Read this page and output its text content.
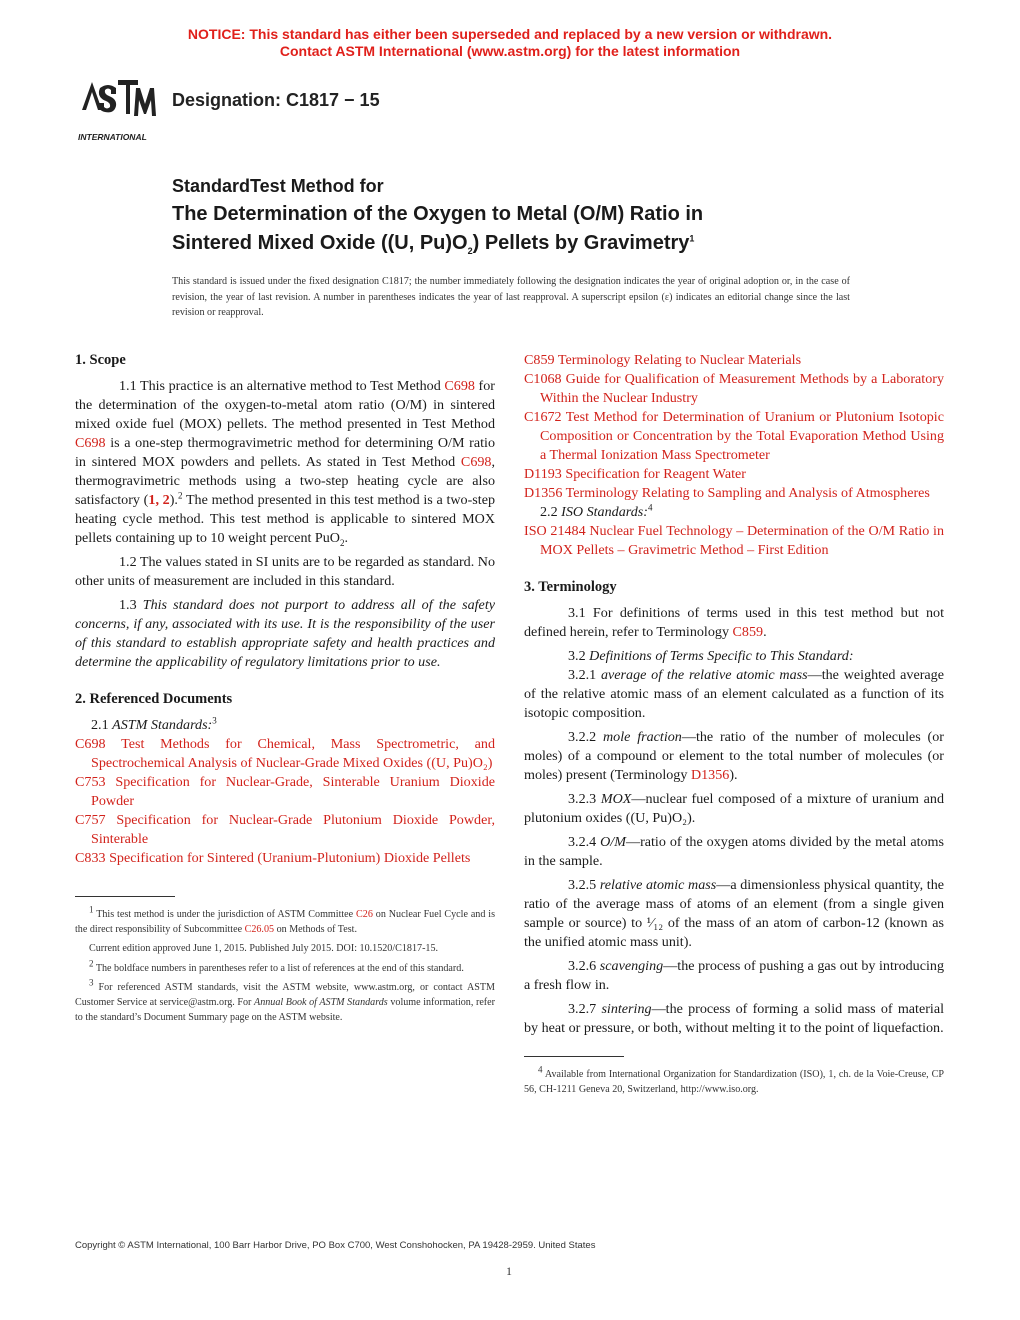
NOTICE: This standard has either been superseded and replaced by a new version or withdrawn.
Contact ASTM International (www.astm.org) for the latest information
INTERNATIONAL
Designation: C1817 − 15
StandardTest Method for
The Determination of the Oxygen to Metal (O/M) Ratio in
Sintered Mixed Oxide ((U, $Pu)O_2$) Pellets by Gravimetry$^1$
This standard is issued under the fixed designation C1817; the number immediately following the designation indicates the year of original adoption or, in the case of revision, the year of last revision. A number in parentheses indicates the year of last reapproval. A superscript epsilon (ε) indicates an editorial change since the last revision or reapproval.
1. Scope

1.1 This practice is an alternative method to Test Method C698 for the determination of the oxygen-to-metal atom ratio (O/M) in sintered mixed oxide fuel (MOX) pellets. The method presented in Test Method C698 is a one-step thermogravimetric method for determining O/M ratio in sintered MOX powders and pellets. As stated in Test Method C698, thermogravimetric methods using a two-step heating cycle are also satisfactory (1, 2).$^2$ The method presented in this test method is a two-step heating cycle method. This test method is applicable to sintered MOX pellets containing up to 10 weight percent PuO$_2$.

1.2 The values stated in SI units are to be regarded as standard. No other units of measurement are included in this standard.

1.3 This standard does not purport to address all of the safety concerns, if any, associated with its use. It is the responsibility of the user of this standard to establish appropriate safety and health practices and determine the applicability of regulatory limitations prior to use.

2. Referenced Documents

2.1 ASTM Standards:$^3$

C698 Test Methods for Chemical, Mass Spectrometric, and Spectrochemical Analysis of Nuclear-Grade Mixed Oxides ((U, Pu)O₂)

C753 Specification for Nuclear-Grade, Sinterable Uranium Dioxide Powder

C757 Specification for Nuclear-Grade Plutonium Dioxide Powder, Sinterable

C833 Specification for Sintered (Uranium-Plutonium) Dioxide Pellets

$^1$ This test method is under the jurisdiction of ASTM Committee C26 on Nuclear Fuel Cycle and is the direct responsibility of Subcommittee C26.05 on Methods of Test.

Current edition approved June 1, 2015. Published July 2015. DOI: 10.1520/C1817-15.

$^2$ The boldface numbers in parentheses refer to a list of references at the end of this standard.

$^3$ For referenced ASTM standards, visit the ASTM website, www.astm.org, or contact ASTM Customer Service at service@astm.org. For Annual Book of ASTM Standards volume information, refer to the standard’s Document Summary page on the ASTM website.

C859 Terminology Relating to Nuclear Materials

C1068 Guide for Qualification of Measurement Methods by a Laboratory Within the Nuclear Industry

C1672 Test Method for Determination of Uranium or Plutonium Isotopic Composition or Concentration by the Total Evaporation Method Using a Thermal Ionization Mass Spectrometer

D1193 Specification for Reagent Water

D1356 Terminology Relating to Sampling and Analysis of Atmospheres

2.2 ISO Standards:$^4$

ISO 21484 Nuclear Fuel Technology – Determination of the O/M Ratio in MOX Pellets – Gravimetric Method – First Edition

3. Terminology

3.1 For definitions of terms used in this test method but not defined herein, refer to Terminology C859.

3.2 Definitions of Terms Specific to This Standard:

3.2.1 average of the relative atomic mass—the weighted average of the relative atomic mass of an element calculated as a function of its isotopic composition.

3.2.2 mole fraction—the ratio of the number of molecules (or moles) of a compound or element to the total number of molecules (or moles) present (Terminology D1356).

3.2.3 MOX—nuclear fuel composed of a mixture of uranium and plutonium oxides ((U, Pu)O₂).

3.2.4 O/M—ratio of the oxygen atoms divided by the metal atoms in the sample.

3.2.5 relative atomic mass—a dimensionless physical quantity, the ratio of the average mass of atoms of an element (from a single given sample or source) to ¹⁄₁₂ of the mass of an atom of carbon-12 (known as the unified atomic mass unit).

3.2.6 scavenging—the process of pushing a gas out by introducing a fresh flow in.

3.2.7 sintering—the process of forming a solid mass of material by heat or pressure, or both, without melting it to the point of liquefaction.

$^4$ Available from International Organization for Standardization (ISO), 1, ch. de la Voie-Creuse, CP 56, CH-1211 Geneva 20, Switzerland, http://www.iso.org.

Copyright © ASTM International, 100 Barr Harbor Drive, PO Box C700, West Conshohocken, PA 19428-2959. United States
1
